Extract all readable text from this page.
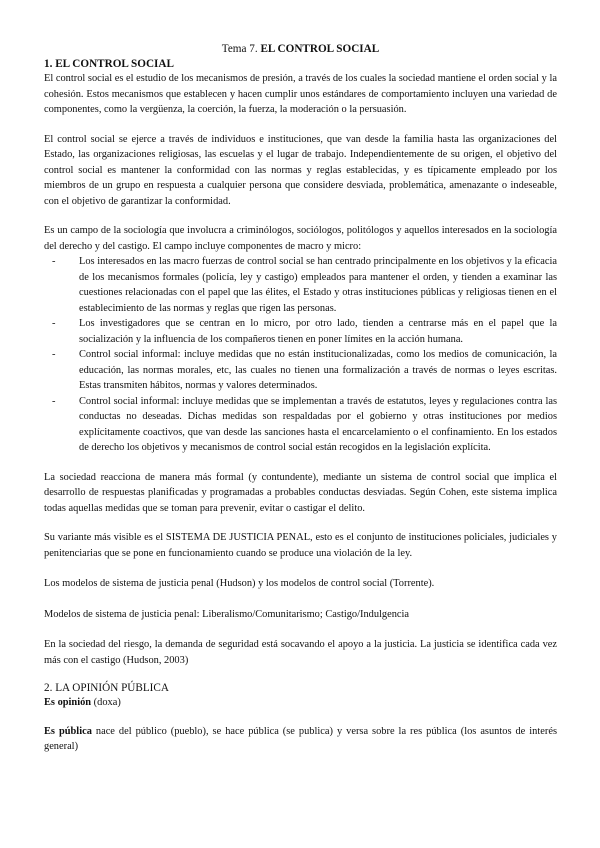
Tema 7. EL CONTROL SOCIAL
1. EL CONTROL SOCIAL

El control social es el estudio de los mecanismos de presión, a través de los cuales la sociedad mantiene el orden social y la cohesión. Estos mecanismos que establecen y hacen cumplir unos estándares de comportamiento incluyen una variedad de componentes, como la vergüenza, la coerción, la fuerza, la moderación o la persuasión.

El control social se ejerce a través de individuos e instituciones, que van desde la familia hasta las organizaciones del Estado, las organizaciones religiosas, las escuelas y el lugar de trabajo. Independientemente de su origen, el objetivo del control social es mantener la conformidad con las normas y reglas establecidas, y es típicamente empleado por los miembros de un grupo en respuesta a cualquier persona que considere desviada, problemática, amenazante o indeseable, con el objetivo de garantizar la conformidad.

Es un campo de la sociología que involucra a criminólogos, sociólogos, politólogos y aquellos interesados en la sociología del derecho y del castigo. El campo incluye componentes de macro y micro:

- Los interesados en las macro fuerzas de control social se han centrado principalmente en los objetivos y la eficacia de los mecanismos formales (policía, ley y castigo) empleados para mantener el orden, y tienden a examinar las cuestiones relacionadas con el papel que las élites, el Estado y otras instituciones públicas y religiosas tienen en el establecimiento de las normas y reglas que rigen las personas.
- Los investigadores que se centran en lo micro, por otro lado, tienden a centrarse más en el papel que la socialización y la influencia de los compañeros tienen en poner límites en la acción humana.
- Control social informal: incluye medidas que no están institucionalizadas, como los medios de comunicación, la educación, las normas morales, etc, las cuales no tienen una formalización a través de normas o leyes escritas. Estas transmiten hábitos, normas y valores determinados.
- Control social informal: incluye medidas que se implementan a través de estatutos, leyes y regulaciones contra las conductas no deseadas. Dichas medidas son respaldadas por el gobierno y otras instituciones por medios explícitamente coactivos, que van desde las sanciones hasta el encarcelamiento o el confinamiento. En los estados de derecho los objetivos y mecanismos de control social están recogidos en la legislación explícita.

La sociedad reacciona de manera más formal (y contundente), mediante un sistema de control social que implica el desarrollo de respuestas planificadas y programadas a probables conductas desviadas. Según Cohen, este sistema implica todas aquellas medidas que se toman para prevenir, evitar o castigar el delito.

Su variante más visible es el SISTEMA DE JUSTICIA PENAL, esto es el conjunto de instituciones policiales, judiciales y penitenciarias que se pone en funcionamiento cuando se produce una violación de la ley.

Los modelos de sistema de justicia penal (Hudson) y los modelos de control social (Torrente).

Modelos de sistema de justicia penal: Liberalismo/Comunitarismo; Castigo/Indulgencia

En la sociedad del riesgo, la demanda de seguridad está socavando el apoyo a la justicia. La justicia se identifica cada vez más con el castigo (Hudson, 2003)

2. LA OPINIÓN PÚBLICA

Es opinión (doxa)

Es pública nace del público (pueblo), se hace pública (se publica) y versa sobre la res pública (los asuntos de interés general)
